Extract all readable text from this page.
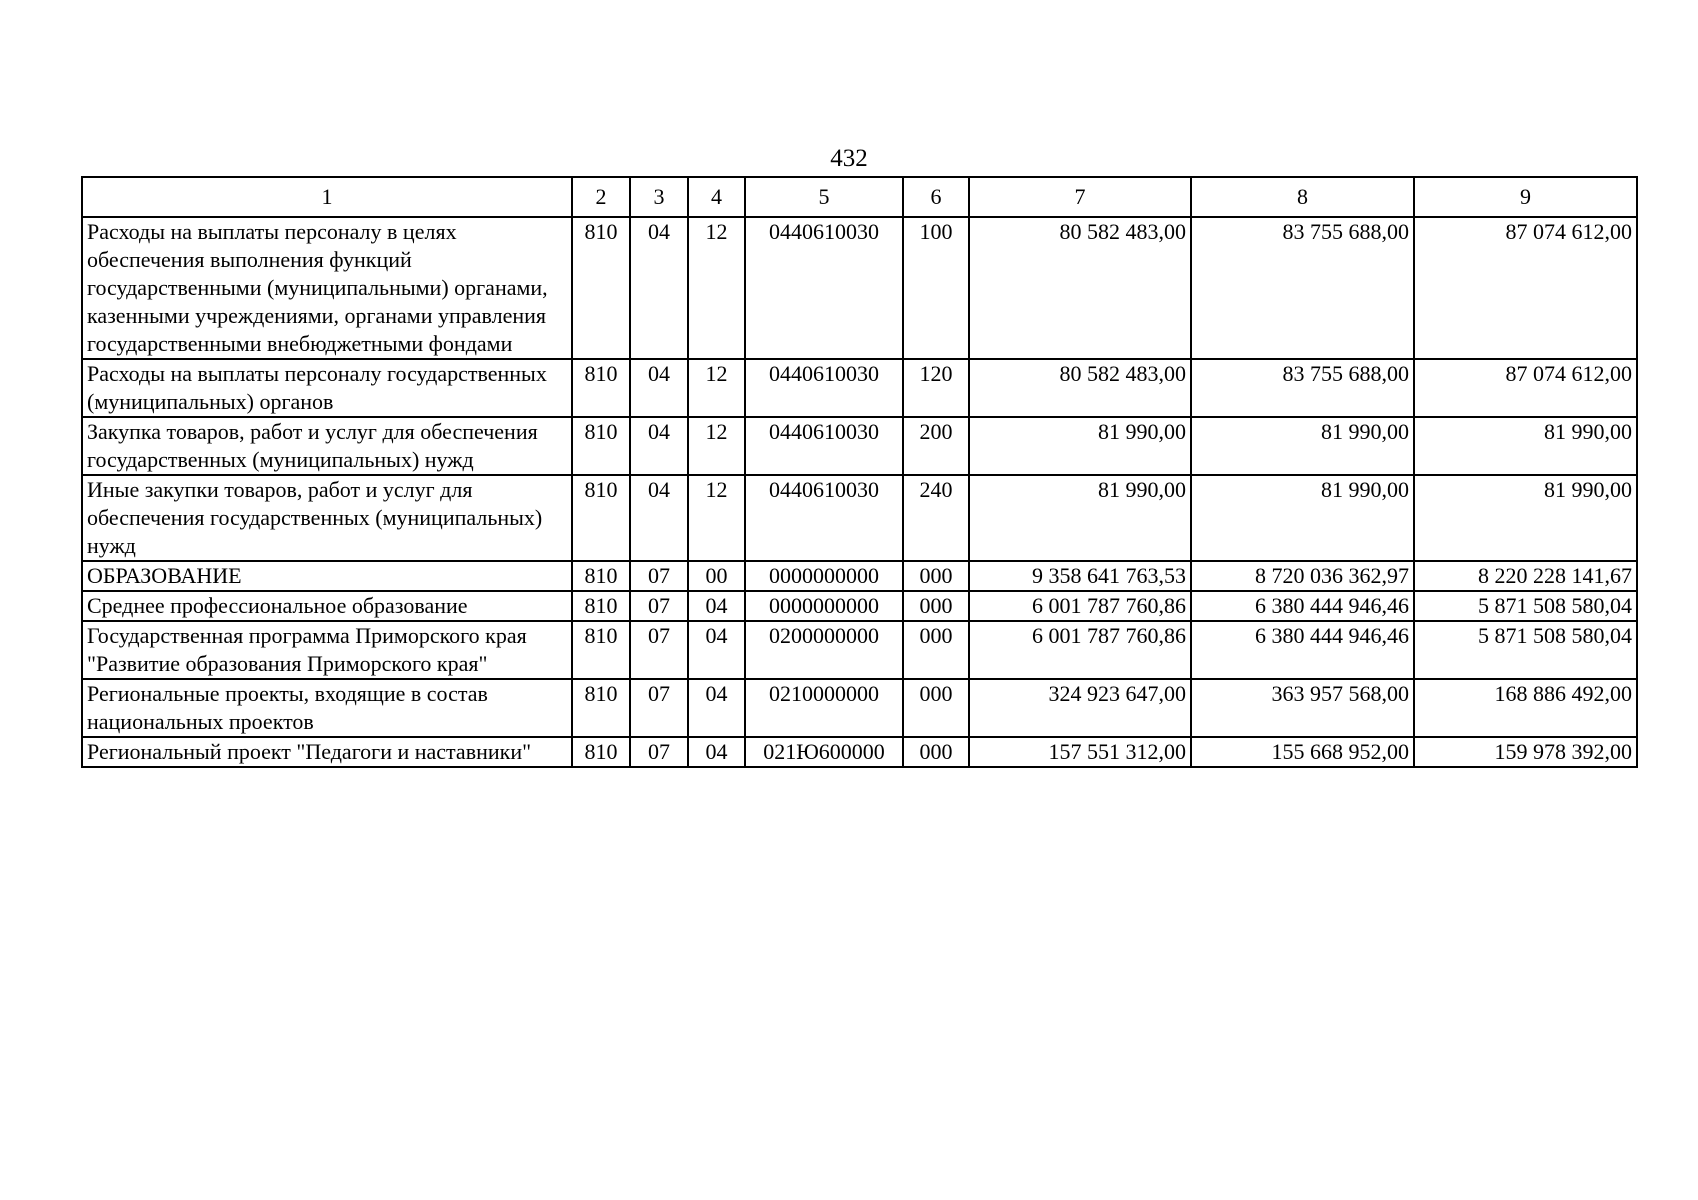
432
1	2	3	4	5	6	7	8	9
Расходы на выплаты персоналу в целях обеспечения выполнения функций государственными (муниципальными) органами, казенными учреждениями, органами управления государственными внебюджетными фондами	810	04	12	0440610030	100	80 582 483,00	83 755 688,00	87 074 612,00
Расходы на выплаты персоналу государственных (муниципальных) органов	810	04	12	0440610030	120	80 582 483,00	83 755 688,00	87 074 612,00
Закупка товаров, работ и услуг для обеспечения государственных (муниципальных) нужд	810	04	12	0440610030	200	81 990,00	81 990,00	81 990,00
Иные закупки товаров, работ и услуг для обеспечения государственных (муниципальных) нужд	810	04	12	0440610030	240	81 990,00	81 990,00	81 990,00
ОБРАЗОВАНИЕ	810	07	00	0000000000	000	9 358 641 763,53	8 720 036 362,97	8 220 228 141,67
Среднее профессиональное образование	810	07	04	0000000000	000	6 001 787 760,86	6 380 444 946,46	5 871 508 580,04
Государственная программа Приморского края "Развитие образования Приморского края"	810	07	04	0200000000	000	6 001 787 760,86	6 380 444 946,46	5 871 508 580,04
Региональные проекты, входящие в состав национальных проектов	810	07	04	0210000000	000	324 923 647,00	363 957 568,00	168 886 492,00
Региональный проект "Педагоги и наставники"	810	07	04	021Ю600000	000	157 551 312,00	155 668 952,00	159 978 392,00
